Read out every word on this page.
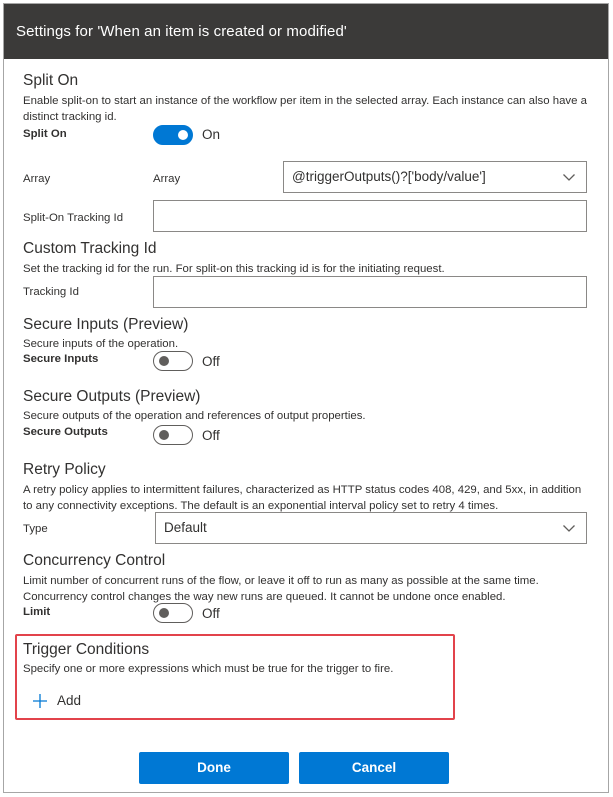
Settings for 'When an item is created or modified'
Split On
Enable split-on to start an instance of the workflow per item in the selected array. Each instance can also have a distinct tracking id.
Split On	On
Array	Array	@triggerOutputs()?['body/value']
Split-On Tracking Id
Custom Tracking Id
Set the tracking id for the run. For split-on this tracking id is for the initiating request.
Tracking Id
Secure Inputs (Preview)
Secure inputs of the operation.
Secure Inputs	Off
Secure Outputs (Preview)
Secure outputs of the operation and references of output properties.
Secure Outputs	Off
Retry Policy
A retry policy applies to intermittent failures, characterized as HTTP status codes 408, 429, and 5xx, in addition to any connectivity exceptions. The default is an exponential interval policy set to retry 4 times.
Type	Default
Concurrency Control
Limit number of concurrent runs of the flow, or leave it off to run as many as possible at the same time. Concurrency control changes the way new runs are queued. It cannot be undone once enabled.
Limit	Off
Trigger Conditions
Specify one or more expressions which must be true for the trigger to fire.
Add
Done	Cancel
